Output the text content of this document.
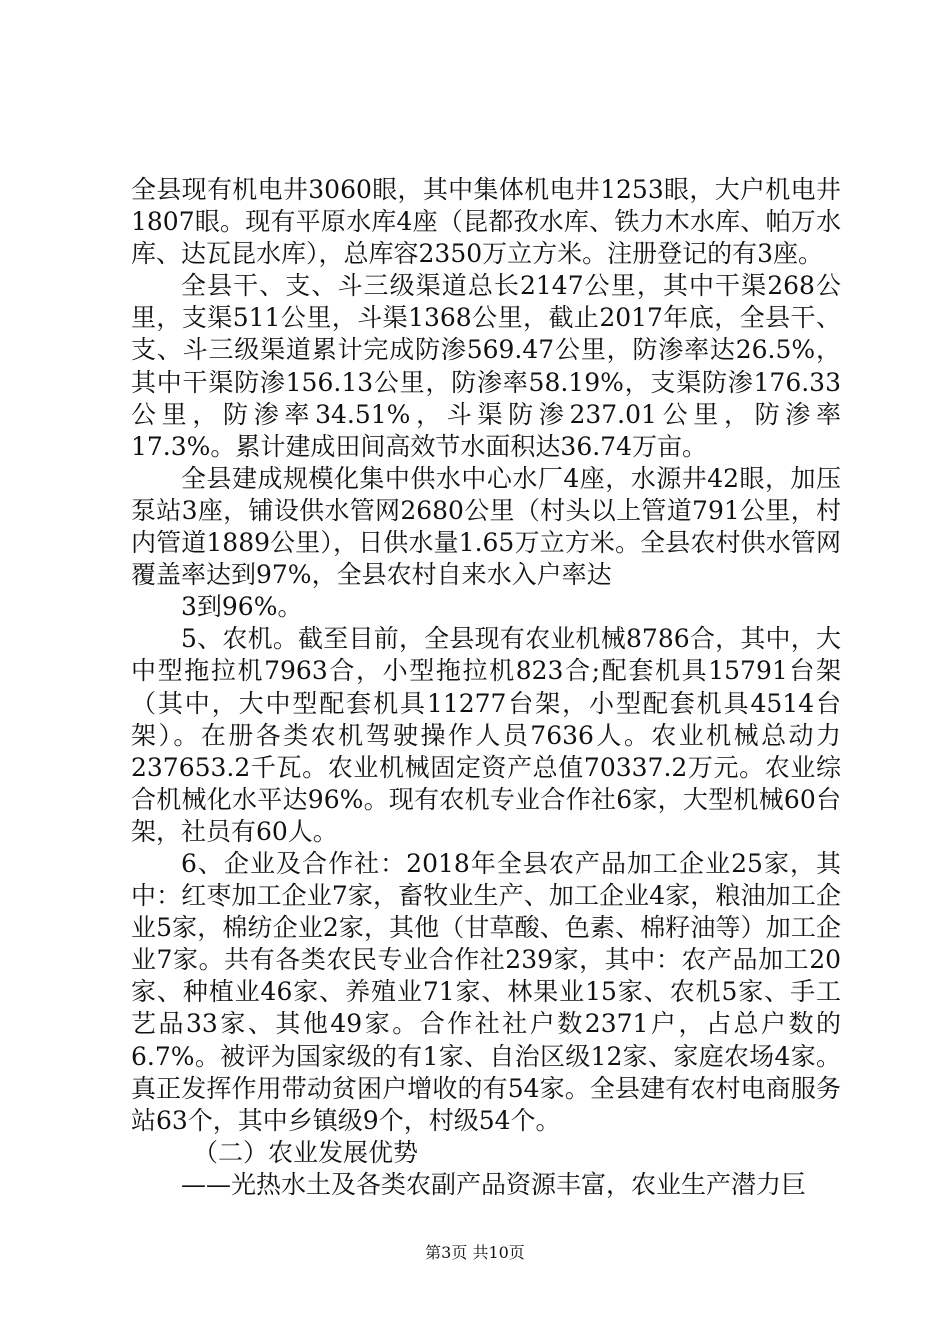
全县现有机电井3060眼，其中集体机电井1253眼，大户机电井1807眼。现有平原水库4座（昆都孜水库、铁力木水库、帕万水库、达瓦昆水库），总库容2350万立方米。注册登记的有3座。

全县干、支、斗三级渠道总长2147公里，其中干渠268公里，支渠511公里，斗渠1368公里，截止2017年底，全县干、支、斗三级渠道累计完成防渗569.47公里，防渗率达26.5%，其中干渠防渗156.13公里，防渗率58.19%，支渠防渗176.33公里，防渗率34.51%，斗渠防渗237.01公里，防渗率17.3%。累计建成田间高效节水面积达36.74万亩。

全县建成规模化集中供水中心水厂4座，水源井42眼，加压泵站3座，铺设供水管网2680公里（村头以上管道791公里，村内管道1889公里），日供水量1.65万立方米。全县农村供水管网覆盖率达到97%，全县农村自来水入户率达

3到96%。

5、农机。截至目前，全县现有农业机械8786合，其中，大中型拖拉机7963合，小型拖拉机823合;配套机具15791台架（其中，大中型配套机具11277台架，小型配套机具4514台架）。在册各类农机驾驶操作人员7636人。农业机械总动力237653.2千瓦。农业机械固定资产总值70337.2万元。农业综合机械化水平达96%。现有农机专业合作社6家，大型机械60台架，社员有60人。

6、企业及合作社：2018年全县农产品加工企业25家，其中：红枣加工企业7家，畜牧业生产、加工企业4家，粮油加工企业5家，棉纺企业2家，其他（甘草酸、色素、棉籽油等）加工企业7家。共有各类农民专业合作社239家，其中：农产品加工20家、种植业46家、养殖业71家、林果业15家、农机5家、手工艺品33家、其他49家。合作社社户数2371户，占总户数的6.7%。被评为国家级的有1家、自治区级12家、家庭农场4家。真正发挥作用带动贫困户增收的有54家。全县建有农村电商服务站63个，其中乡镇级9个，村级54个。

（二）农业发展优势

——光热水土及各类农副产品资源丰富，农业生产潜力巨

第3页 共10页
